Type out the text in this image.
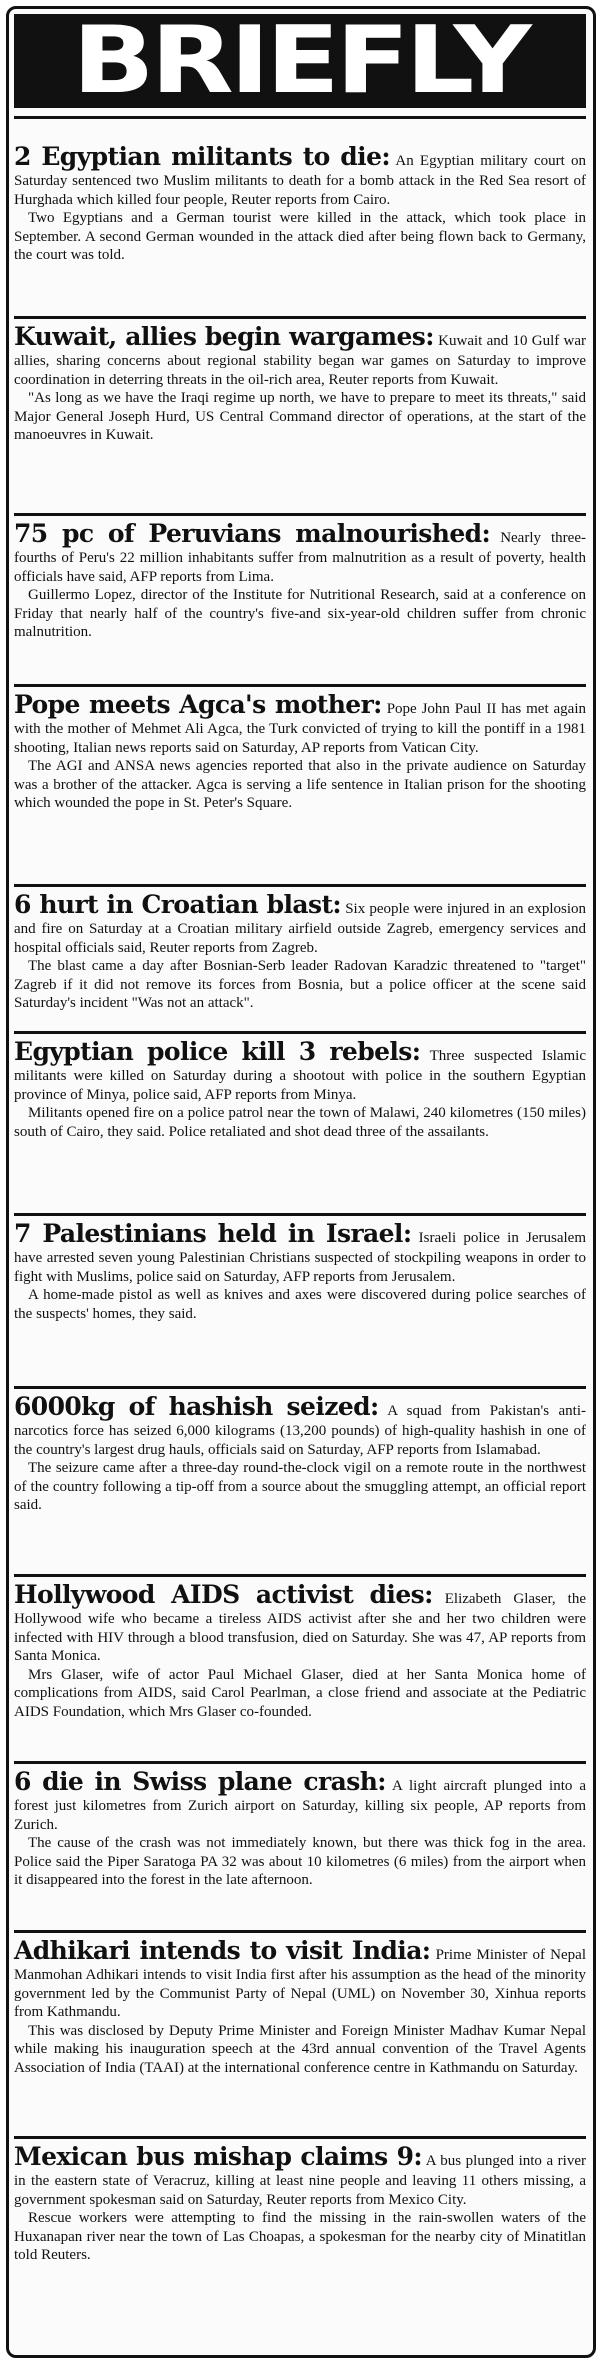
BRIEFLY

2 Egyptian militants to die: An Egyptian military court on Saturday sentenced two Muslim militants to death for a bomb attack in the Red Sea resort of Hurghada which killed four people, Reuter reports from Cairo.

Two Egyptians and a German tourist were killed in the attack, which took place in September. A second German wounded in the attack died after being flown back to Germany, the court was told.

Kuwait, allies begin wargames: Kuwait and 10 Gulf war allies, sharing concerns about regional stability began war games on Saturday to improve coordination in deterring threats in the oil-rich area, Reuter reports from Kuwait.

"As long as we have the Iraqi regime up north, we have to prepare to meet its threats," said Major General Joseph Hurd, US Central Command director of operations, at the start of the manoeuvres in Kuwait.

75 pc of Peruvians malnourished: Nearly three-fourths of Peru's 22 million inhabitants suffer from malnutrition as a result of poverty, health officials have said, AFP reports from Lima.

Guillermo Lopez, director of the Institute for Nutritional Research, said at a conference on Friday that nearly half of the country's five-and six-year-old children suffer from chronic malnutrition.

Pope meets Agca's mother: Pope John Paul II has met again with the mother of Mehmet Ali Agca, the Turk convicted of trying to kill the pontiff in a 1981 shooting, Italian news reports said on Saturday, AP reports from Vatican City.

The AGI and ANSA news agencies reported that also in the private audience on Saturday was a brother of the attacker. Agca is serving a life sentence in Italian prison for the shooting which wounded the pope in St. Peter's Square.

6 hurt in Croatian blast: Six people were injured in an explosion and fire on Saturday at a Croatian military airfield outside Zagreb, emergency services and hospital officials said, Reuter reports from Zagreb.

The blast came a day after Bosnian-Serb leader Radovan Karadzic threatened to "target" Zagreb if it did not remove its forces from Bosnia, but a police officer at the scene said Saturday's incident "Was not an attack".

Egyptian police kill 3 rebels: Three suspected Islamic militants were killed on Saturday during a shootout with police in the southern Egyptian province of Minya, police said, AFP reports from Minya.

Militants opened fire on a police patrol near the town of Malawi, 240 kilometres (150 miles) south of Cairo, they said. Police retaliated and shot dead three of the assailants.

7 Palestinians held in Israel: Israeli police in Jerusalem have arrested seven young Palestinian Christians suspected of stockpiling weapons in order to fight with Muslims, police said on Saturday, AFP reports from Jerusalem.

A home-made pistol as well as knives and axes were discovered during police searches of the suspects' homes, they said.

6000kg of hashish seized: A squad from Pakistan's anti-narcotics force has seized 6,000 kilograms (13,200 pounds) of high-quality hashish in one of the country's largest drug hauls, officials said on Saturday, AFP reports from Islamabad.

The seizure came after a three-day round-the-clock vigil on a remote route in the northwest of the country following a tip-off from a source about the smuggling attempt, an official report said.

Hollywood AIDS activist dies: Elizabeth Glaser, the Hollywood wife who became a tireless AIDS activist after she and her two children were infected with HIV through a blood transfusion, died on Saturday. She was 47, AP reports from Santa Monica.

Mrs Glaser, wife of actor Paul Michael Glaser, died at her Santa Monica home of complications from AIDS, said Carol Pearlman, a close friend and associate at the Pediatric AIDS Foundation, which Mrs Glaser co-founded.

6 die in Swiss plane crash: A light aircraft plunged into a forest just kilometres from Zurich airport on Saturday, killing six people, AP reports from Zurich.

The cause of the crash was not immediately known, but there was thick fog in the area. Police said the Piper Saratoga PA 32 was about 10 kilometres (6 miles) from the airport when it disappeared into the forest in the late afternoon.

Adhikari intends to visit India: Prime Minister of Nepal Manmohan Adhikari intends to visit India first after his assumption as the head of the minority government led by the Communist Party of Nepal (UML) on November 30, Xinhua reports from Kathmandu.

This was disclosed by Deputy Prime Minister and Foreign Minister Madhav Kumar Nepal while making his inauguration speech at the 43rd annual convention of the Travel Agents Association of India (TAAI) at the international conference centre in Kathmandu on Saturday.

Mexican bus mishap claims 9: A bus plunged into a river in the eastern state of Veracruz, killing at least nine people and leaving 11 others missing, a government spokesman said on Saturday, Reuter reports from Mexico City.

Rescue workers were attempting to find the missing in the rain-swollen waters of the Huxanapan river near the town of Las Choapas, a spokesman for the nearby city of Minatitlan told Reuters.
